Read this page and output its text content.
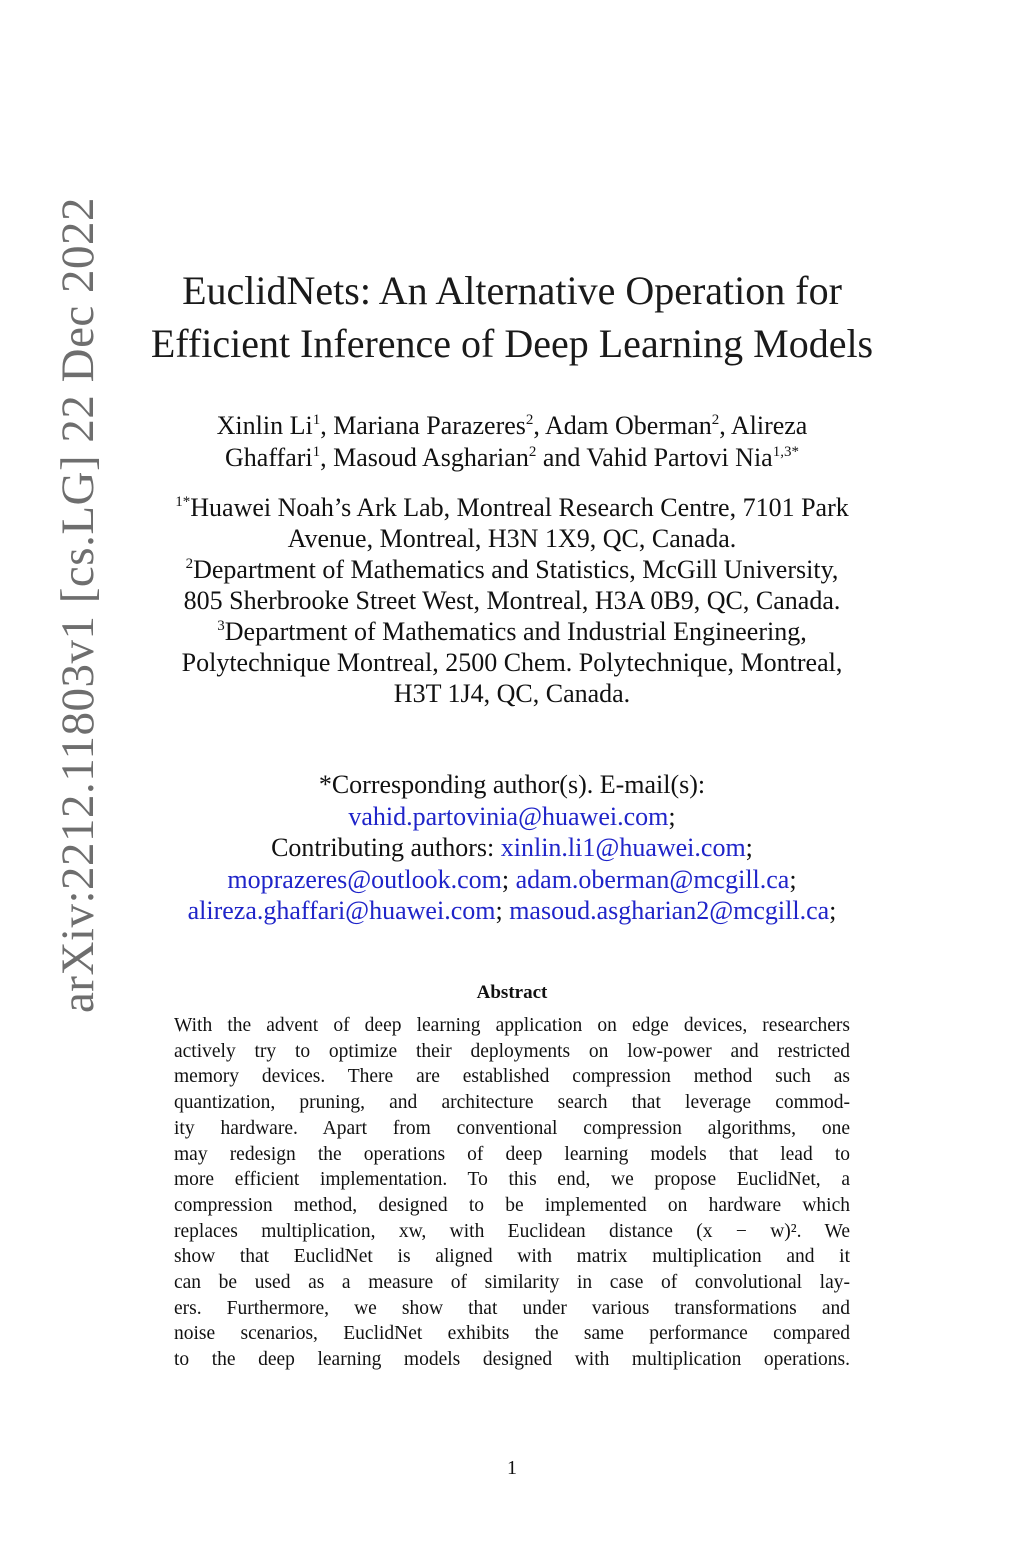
arXiv:2212.11803v1 [cs.LG] 22 Dec 2022	EuclidNets: An Alternative Operation for
Efficient Inference of Deep Learning Models
Xinlin Li$^1$, Mariana Parazeres$^2$, Adam Oberman$^2$, Alireza
Ghaffari$^1$, Masoud Asgharian$^2$ and Vahid Partovi Nia$^{1,3*}$
$^{1*}$Huawei Noah’s Ark Lab, Montreal Research Centre, 7101 Park
Avenue, Montreal, H3N 1X9, QC, Canada.
$^2$Department of Mathematics and Statistics, McGill University,
805 Sherbrooke Street West, Montreal, H3A 0B9, QC, Canada.
$^3$Department of Mathematics and Industrial Engineering,
Polytechnique Montreal, 2500 Chem. Polytechnique, Montreal,
H3T 1J4, QC, Canada.
*Corresponding author(s). E-mail(s):
vahid.partovinia@huawei.com;
Contributing authors: xinlin.li1@huawei.com;
moprazeres@outlook.com; adam.oberman@mcgill.ca;
alireza.ghaffari@huawei.com; masoud.asgharian2@mcgill.ca;
Abstract
With the advent of deep learning application on edge devices, researchers
actively try to optimize their deployments on low-power and restricted
memory devices. There are established compression method such as
quantization, pruning, and architecture search that leverage commod-
ity hardware. Apart from conventional compression algorithms, one
may redesign the operations of deep learning models that lead to
more efficient implementation. To this end, we propose EuclidNet, a
compression method, designed to be implemented on hardware which
replaces multiplication, xw, with Euclidean distance (x − w)². We
show that EuclidNet is aligned with matrix multiplication and it
can be used as a measure of similarity in case of convolutional lay-
ers. Furthermore, we show that under various transformations and
noise scenarios, EuclidNet exhibits the same performance compared
to the deep learning models designed with multiplication operations.
1
